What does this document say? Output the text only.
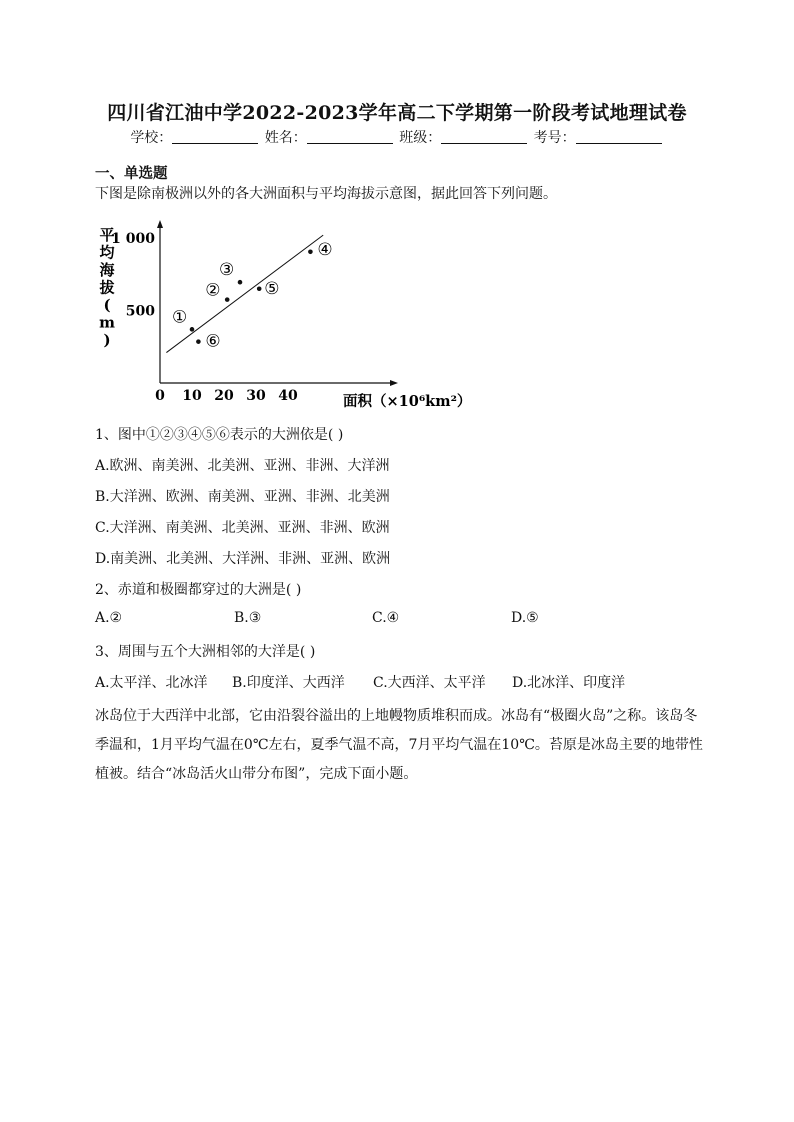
四川省江油中学2022-2023学年高二下学期第一阶段考试地理试卷
学校：	姓名：	班级：	考号：
一、单选题
下图是除南极洲以外的各大洲面积与平均海拔示意图，据此回答下列问题。
平均海拔( m )
0 10 20 30 40
500
1 000
①
②
③
④
⑤
⑥
面积（×10⁶km²）
1、图中①②③④⑤⑥表示的大洲依是( )
A.欧洲、南美洲、北美洲、亚洲、非洲、大洋洲
B.大洋洲、欧洲、南美洲、亚洲、非洲、北美洲
C.大洋洲、南美洲、北美洲、亚洲、非洲、欧洲
D.南美洲、北美洲、大洋洲、非洲、亚洲、欧洲
2、赤道和极圈都穿过的大洲是( )
A.②	B.③	C.④	D.⑤
3、周围与五个大洲相邻的大洋是( )
A.太平洋、北冰洋 B.印度洋、大西洋 C.大西洋、太平洋 D.北冰洋、印度洋
冰岛位于大西洋中北部，它由沿裂谷溢出的上地幔物质堆积而成。冰岛有“极圈火岛”之称。该岛冬季温和，1月平均气温在0℃左右，夏季气温不高，7月平均气温在10℃。苔原是冰岛主要的地带性植被。结合“冰岛活火山带分布图”，完成下面小题。
